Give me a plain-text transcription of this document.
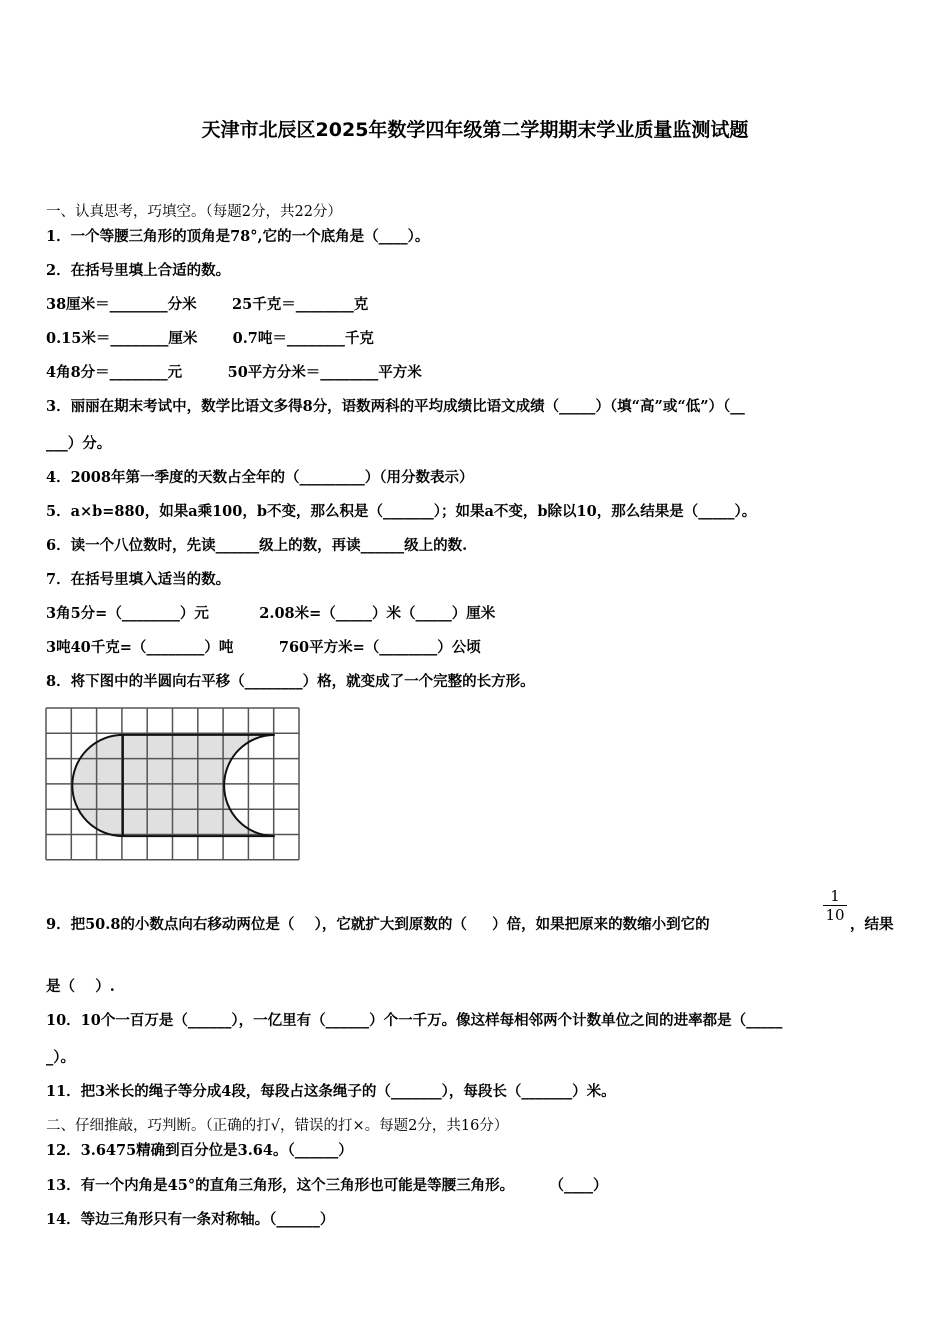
天津市北辰区2025年数学四年级第二学期期末学业质量监测试题
一、认真思考，巧填空。（每题2分，共22分）
1．一个等腰三角形的顶角是78°,它的一个底角是（____）。
2．在括号里填上合适的数。
38厘米＝________分米       25千克＝________克
0.15米＝________厘米       0.7吨＝________千克
4角8分＝________元         50平方分米＝________平方米
3．丽丽在期末考试中，数学比语文多得8分，语数两科的平均成绩比语文成绩（_____）（填“高”或“低”）（__
___）分。
4．2008年第一季度的天数占全年的（_________）（用分数表示）
5．a×b=880，如果a乘100，b不变，那么积是（_______）；如果a不变，b除以10，那么结果是（_____）。
6．读一个八位数时，先读______级上的数，再读______级上的数.
7．在括号里填入适当的数。
3角5分=（________）元          2.08米=（_____）米（_____）厘米
3吨40千克=（________）吨         760平方米=（________）公顷
8．将下图中的半圆向右平移（________）格，就变成了一个完整的长方形。
9．把50.8的小数点向右移动两位是（    ），它就扩大到原数的（     ）倍，如果把原来的数缩小到它的
$\frac{1}{10}$
，结果
是（    ）.
10．10个一百万是（______），一亿里有（______）个一千万。像这样每相邻两个计数单位之间的进率都是（_____
_）。
11．把3米长的绳子等分成4段，每段占这条绳子的（_______），每段长（_______）米。
二、仔细推敲，巧判断。（正确的打√，错误的打×。每题2分，共16分）
12．3.6475精确到百分位是3.64。（______）
13．有一个内角是45°的直角三角形，这个三角形也可能是等腰三角形。       （____）
14．等边三角形只有一条对称轴。（______）
